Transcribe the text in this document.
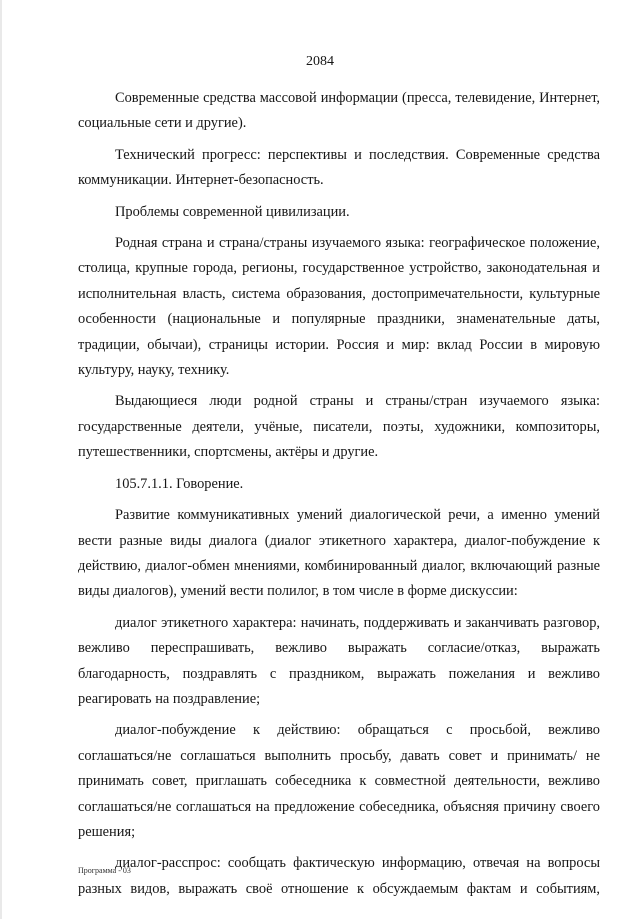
2084

Современные средства массовой информации (пресса, телевидение, Интернет, социальные сети и другие).

Технический прогресс: перспективы и последствия. Современные средства коммуникации. Интернет-безопасность.

Проблемы современной цивилизации.

Родная страна и страна/страны изучаемого языка: географическое положение, столица, крупные города, регионы, государственное устройство, законодательная и исполнительная власть, система образования, достопримечательности, культурные особенности (национальные и популярные праздники, знаменательные даты, традиции, обычаи), страницы истории. Россия и мир: вклад России в мировую культуру, науку, технику.

Выдающиеся люди родной страны и страны/стран изучаемого языка: государственные деятели, учёные, писатели, поэты, художники, композиторы, путешественники, спортсмены, актёры и другие.

105.7.1.1. Говорение.

Развитие коммуникативных умений диалогической речи, а именно умений вести разные виды диалога (диалог этикетного характера, диалог-побуждение к действию, диалог-обмен мнениями, комбинированный диалог, включающий разные виды диалогов), умений вести полилог, в том числе в форме дискуссии:

диалог этикетного характера: начинать, поддерживать и заканчивать разговор, вежливо переспрашивать, вежливо выражать согласие/отказ, выражать благодарность, поздравлять с праздником, выражать пожелания и вежливо реагировать на поздравление;

диалог-побуждение к действию: обращаться с просьбой, вежливо соглашаться/не соглашаться выполнить просьбу, давать совет и принимать/ не принимать совет, приглашать собеседника к совместной деятельности, вежливо соглашаться/не соглашаться на предложение собеседника, объясняя причину своего решения;

диалог-расспрос: сообщать фактическую информацию, отвечая на вопросы разных видов, выражать своё отношение к обсуждаемым фактам и событиям,

Программа - 03
